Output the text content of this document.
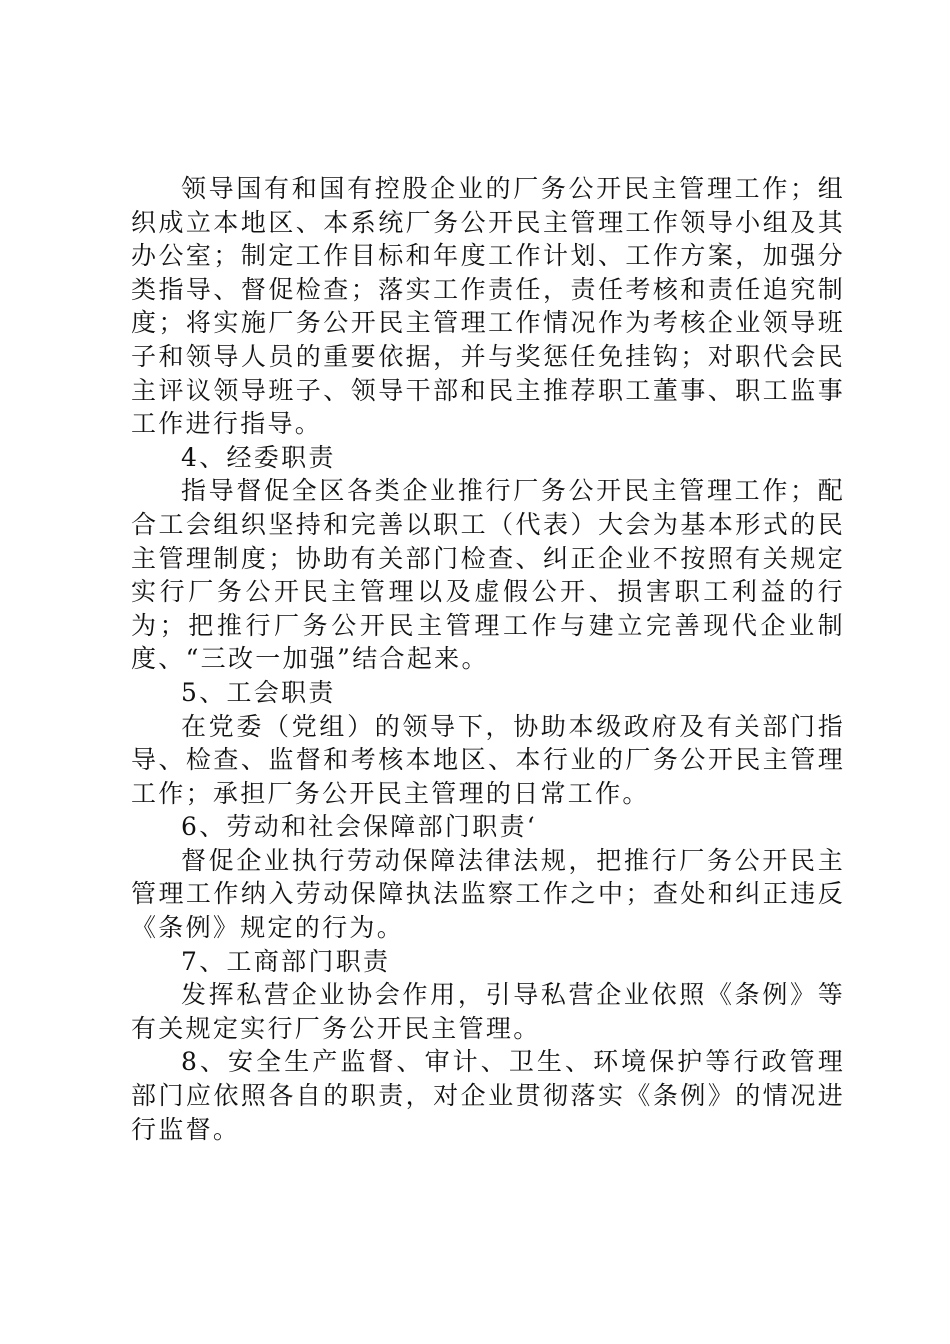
领导国有和国有控股企业的厂务公开民主管理工作；组织成立本地区、本系统厂务公开民主管理工作领导小组及其办公室；制定工作目标和年度工作计划、工作方案，加强分类指导、督促检查；落实工作责任，责任考核和责任追究制度；将实施厂务公开民主管理工作情况作为考核企业领导班子和领导人员的重要依据，并与奖惩任免挂钩；对职代会民主评议领导班子、领导干部和民主推荐职工董事、职工监事工作进行指导。

4、经委职责

指导督促全区各类企业推行厂务公开民主管理工作；配合工会组织坚持和完善以职工（代表）大会为基本形式的民主管理制度；协助有关部门检查、纠正企业不按照有关规定实行厂务公开民主管理以及虚假公开、损害职工利益的行为；把推行厂务公开民主管理工作与建立完善现代企业制度、“三改一加强”结合起来。

5、工会职责

在党委（党组）的领导下，协助本级政府及有关部门指导、检查、监督和考核本地区、本行业的厂务公开民主管理工作；承担厂务公开民主管理的日常工作。

6、劳动和社会保障部门职责‘

督促企业执行劳动保障法律法规，把推行厂务公开民主管理工作纳入劳动保障执法监察工作之中；查处和纠正违反《条例》规定的行为。

7、工商部门职责

发挥私营企业协会作用，引导私营企业依照《条例》等有关规定实行厂务公开民主管理。

8、安全生产监督、审计、卫生、环境保护等行政管理部门应依照各自的职责，对企业贯彻落实《条例》的情况进行监督。
